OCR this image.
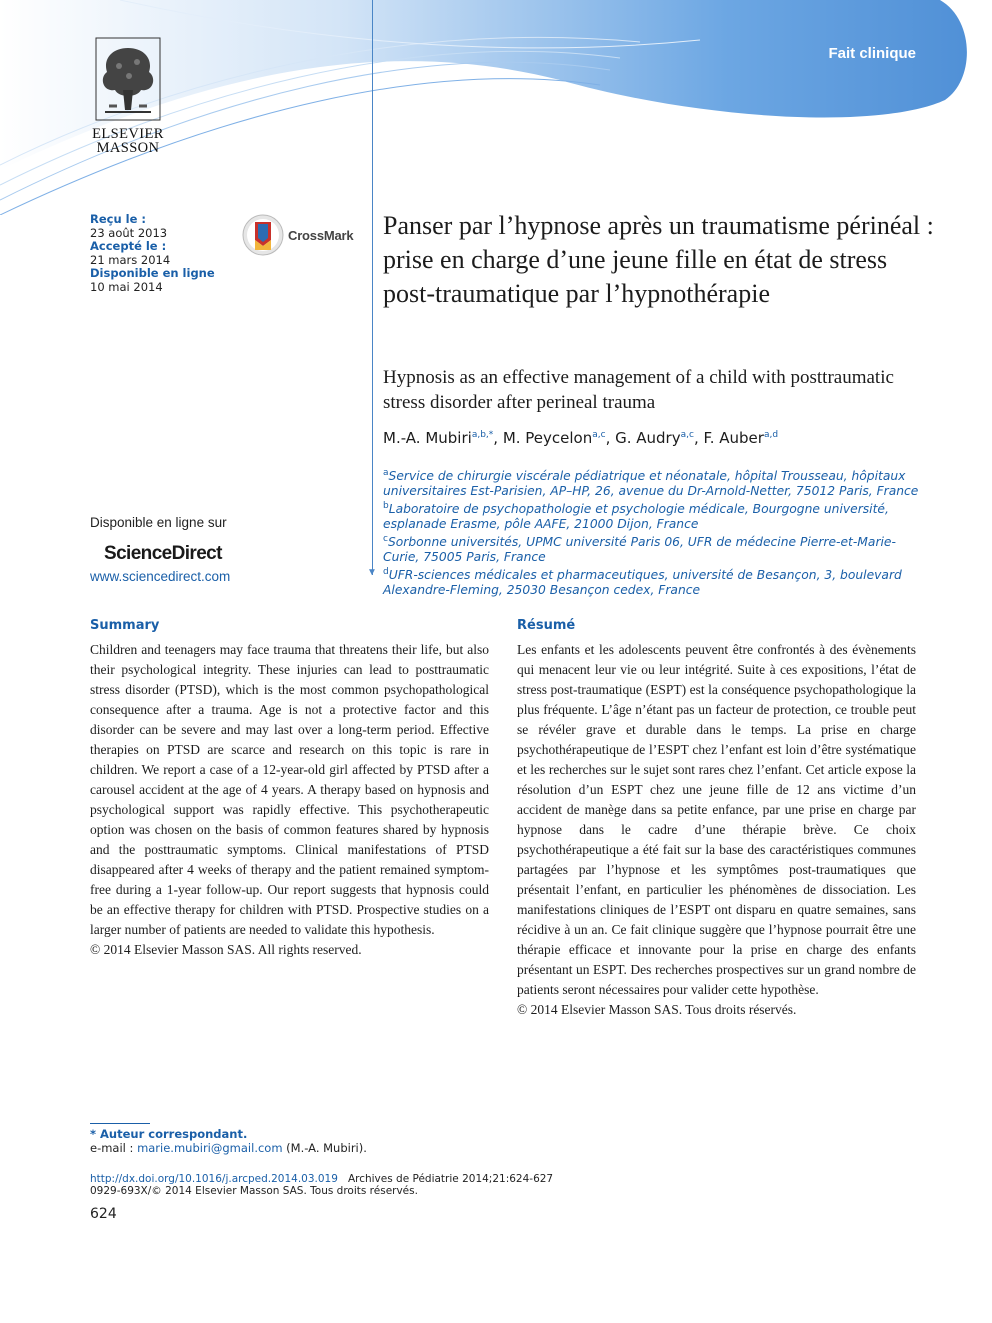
Fait clinique
ELSEVIER
MASSON
▼
Reçu le :
23 août 2013
Accepté le :
21 mars 2014
Disponible en ligne
10 mai 2014
CrossMark Panser par l’hypnose après un traumatisme périnéal : prise en charge d’une jeune fille en état de stress post-traumatique par l’hypnothérapie
Hypnosis as an effective management of a child with posttraumatic stress disorder after perineal trauma
M.-A. Mubiri$^{a,b,*}$, M. Peycelon$^{a,c}$, G. Audry$^{a,c}$, F. Auber$^{a,d}$
$^a$Service de chirurgie viscérale pédiatrique et néonatale, hôpital Trousseau, hôpitaux universitaires Est-Parisien, AP–HP, 26, avenue du Dr-Arnold-Netter, 75012 Paris, France
$^b$Laboratoire de psychopathologie et psychologie médicale, Bourgogne université, esplanade Erasme, pôle AAFE, 21000 Dijon, France
$^c$Sorbonne universités, UPMC université Paris 06, UFR de médecine Pierre-et-Marie-Curie, 75005 Paris, France
$^d$UFR-sciences médicales et pharmaceutiques, université de Besançon, 3, boulevard Alexandre-Fleming, 25030 Besançon cedex, France
Disponible en ligne sur
ScienceDirect
www.sciencedirect.com
Summary

Children and teenagers may face trauma that threatens their life, but also their psychological integrity. These injuries can lead to posttraumatic stress disorder (PTSD), which is the most common psychopathological consequence after a trauma. Age is not a protective factor and this disorder can be severe and may last over a long-term period. Effective therapies on PTSD are scarce and research on this topic is rare in children. We report a case of a 12-year-old girl affected by PTSD after a carousel accident at the age of 4 years. A therapy based on hypnosis and psychological support was rapidly effective. This psychotherapeutic option was chosen on the basis of common features shared by hypnosis and the posttraumatic symptoms. Clinical manifestations of PTSD disappeared after 4 weeks of therapy and the patient remained symptom-free during a 1-year follow-up. Our report suggests that hypnosis could be an effective therapy for children with PTSD. Prospective studies on a larger number of patients are needed to validate this hypothesis.

© 2014 Elsevier Masson SAS. All rights reserved.

Résumé

Les enfants et les adolescents peuvent être confrontés à des évènements qui menacent leur vie ou leur intégrité. Suite à ces expositions, l’état de stress post-traumatique (ESPT) est la conséquence psychopathologique la plus fréquente. L’âge n’étant pas un facteur de protection, ce trouble peut se révéler grave et durable dans le temps. La prise en charge psychothérapeutique de l’ESPT chez l’enfant est loin d’être systématique et les recherches sur le sujet sont rares chez l’enfant. Cet article expose la résolution d’un ESPT chez une jeune fille de 12 ans victime d’un accident de manège dans sa petite enfance, par une prise en charge par hypnose dans le cadre d’une thérapie brève. Ce choix psychothérapeutique a été fait sur la base des caractéristiques communes partagées par l’hypnose et les symptômes post-traumatiques que présentait l’enfant, en particulier les phénomènes de dissociation. Les manifestations cliniques de l’ESPT ont disparu en quatre semaines, sans récidive à un an. Ce fait clinique suggère que l’hypnose pourrait être une thérapie efficace et innovante pour la prise en charge des enfants présentant un ESPT. Des recherches prospectives sur un grand nombre de patients seront nécessaires pour valider cette hypothèse.

© 2014 Elsevier Masson SAS. Tous droits réservés.

* Auteur correspondant.
e-mail : marie.mubiri@gmail.com (M.-A. Mubiri).
http://dx.doi.org/10.1016/j.arcped.2014.03.019 Archives de Pédiatrie 2014;21:624-627
0929-693X/© 2014 Elsevier Masson SAS. Tous droits réservés.
624
